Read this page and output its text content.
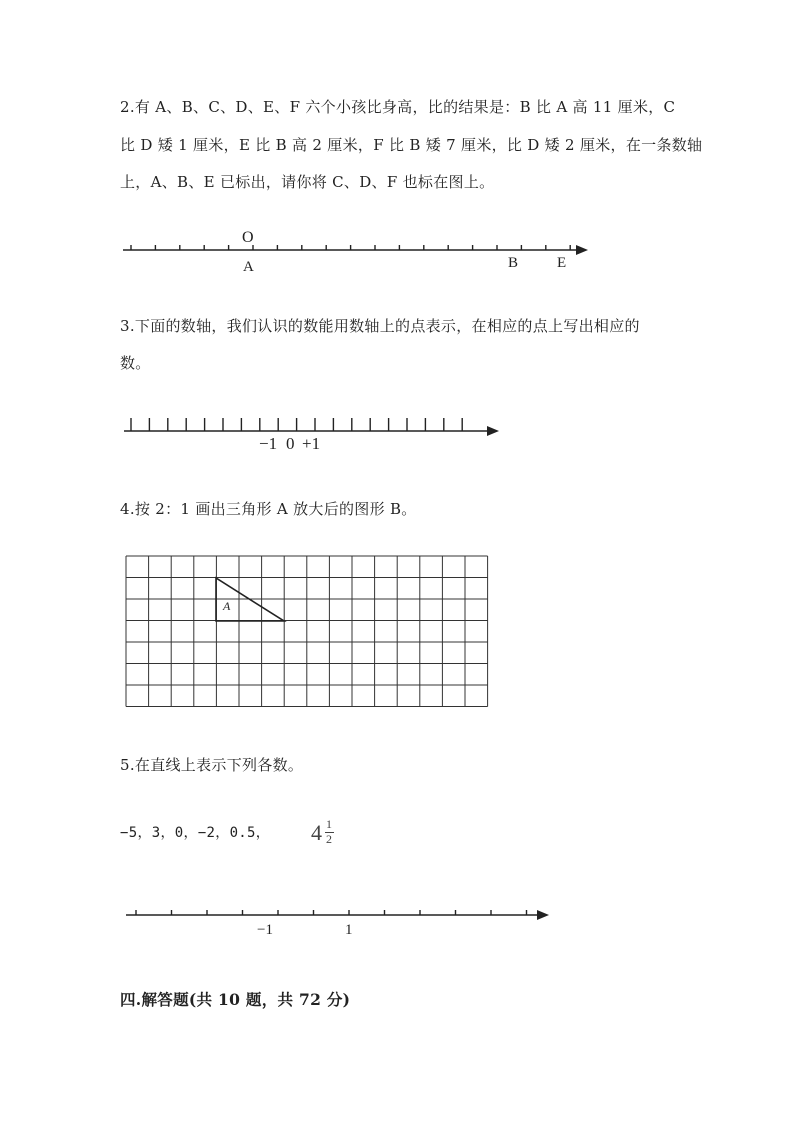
2.有 A、B、C、D、E、F 六个小孩比身高，比的结果是：B 比 A 高 11 厘米，C
比 D 矮 1 厘米，E 比 B 高 2 厘米，F 比 B 矮 7 厘米，比 D 矮 2 厘米，在一条数轴
上，A、B、E 已标出，请你将 C、D、F 也标在图上。
O
A	B	E
3.下面的数轴，我们认识的数能用数轴上的点表示，在相应的点上写出相应的
数。
−1 0 +1
4.按 2：1 画出三角形 A 放大后的图形 B。
A
5.在直线上表示下列各数。
−5，3，0，−2，0.5， 4 1
2
−1	1
四.解答题(共 10 题，共 72 分)
